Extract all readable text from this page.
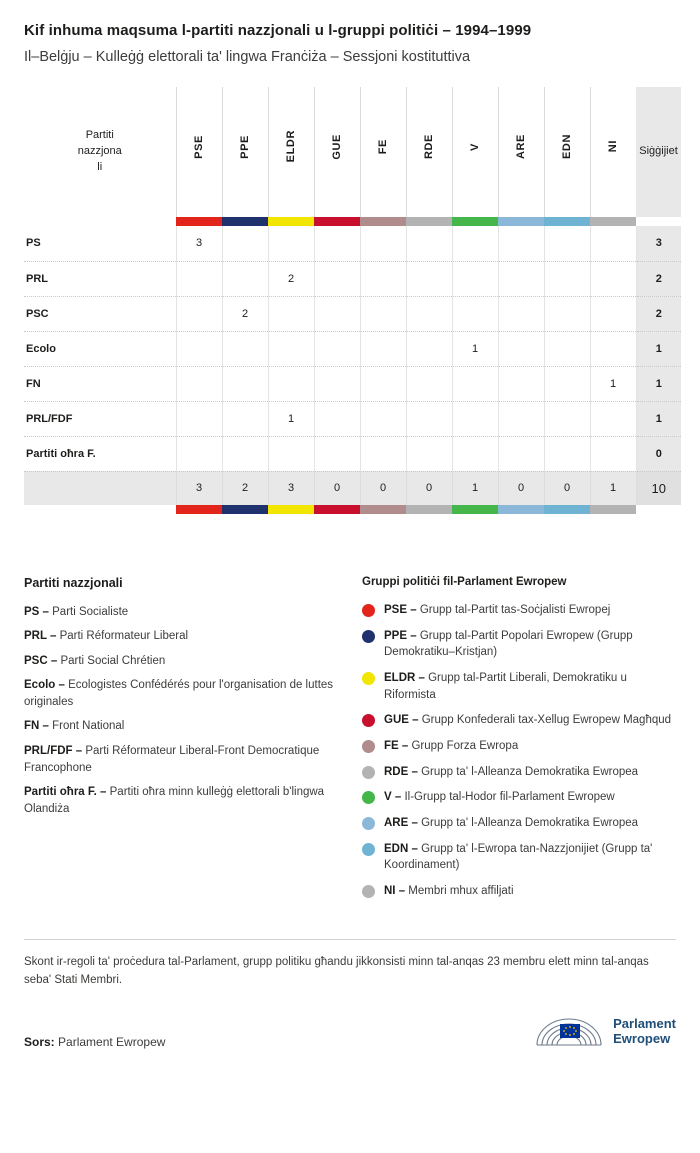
Kif inhuma maqsuma l-partiti nazzjonali u l-gruppi politiċi – 1994–1999
Il–Belġju – Kulleġġ elettorali ta' lingwa Franċiża – Sessjoni kostituttiva
Partiti
nazzjona
li	PSE	PPE	ELDR	GUE	FE	RDE	V	ARE	EDN	NI	Siġġijiet

PS	3										3
PRL			2								2
PSC		2									2
Ecolo							1				1
FN										1	1
PRL/FDF			1								1
Partiti oħra F.											0
	3	2	3	0	0	0	1	0	0	1	10

Partiti nazzjonali
PS – Parti Socialiste
PRL – Parti Réformateur Liberal
PSC – Parti Social Chrétien
Ecolo – Ecologistes Confédérés pour l'organisation de luttes originales
FN – Front National
PRL/FDF – Parti Réformateur Liberal-Front Democratique Francophone
Partiti oħra F. – Partiti oħra minn kulleġġ elettorali b'lingwa Olandiża
Gruppi politiċi fil-Parlament Ewropew
PSE – Grupp tal-Partit tas-Soċjalisti Ewropej
PPE – Grupp tal-Partit Popolari Ewropew (Grupp Demokratiku–Kristjan)
ELDR – Grupp tal-Partit Liberali, Demokratiku u Riformista
GUE – Grupp Konfederali tax-Xellug Ewropew Magħqud
FE – Grupp Forza Ewropa
RDE – Grupp ta' l-Alleanza Demokratika Ewropea
V – Il-Grupp tal-Hodor fil-Parlament Ewropew
ARE – Grupp ta' l-Alleanza Demokratika Ewropea
EDN – Grupp ta' l-Ewropa tan-Nazzjonijiet (Grupp ta' Koordinament)
NI – Membri mhux affiljati
Skont ir-regoli ta' proċedura tal-Parlament, grupp politiku għandu jikkonsisti minn tal-anqas 23 membru elett minn tal-anqas seba' Stati Membri.
Sors: Parlament Ewropew
Parlament
Ewropew
